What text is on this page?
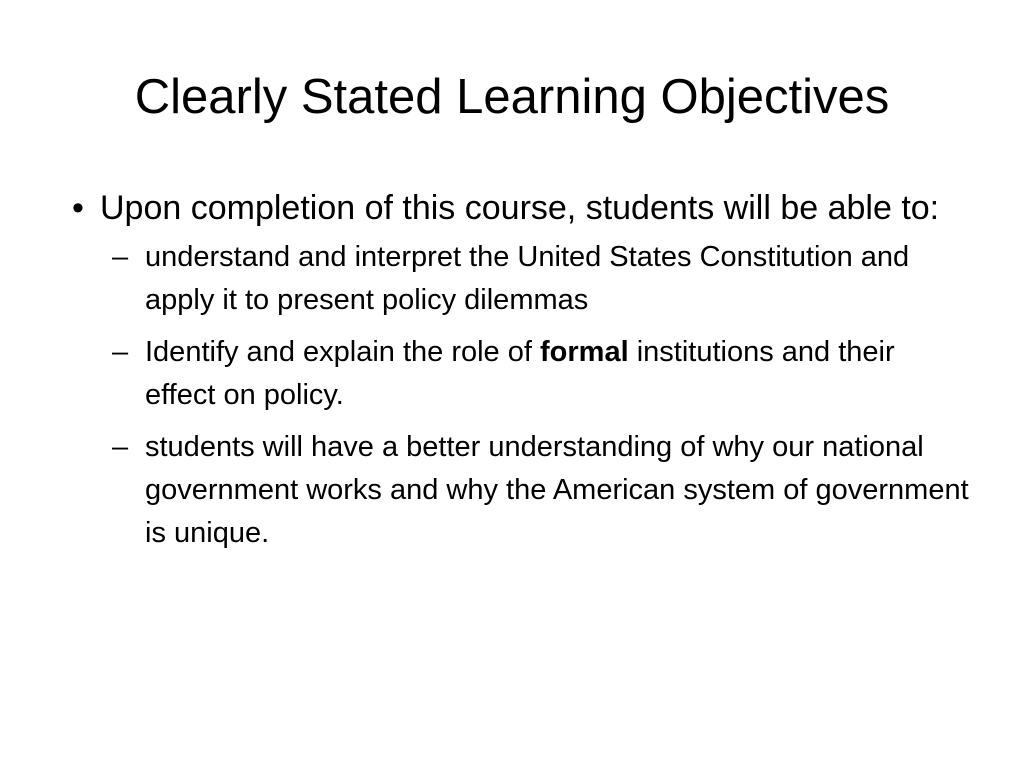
Clearly Stated Learning Objectives
• Upon completion of this course, students will be able to:
– understand and interpret the United States Constitution and apply it to present policy dilemmas
– Identify and explain the role of formal institutions and their effect on policy.
– students will have a better understanding of why our national government works and why the American system of government is unique.
